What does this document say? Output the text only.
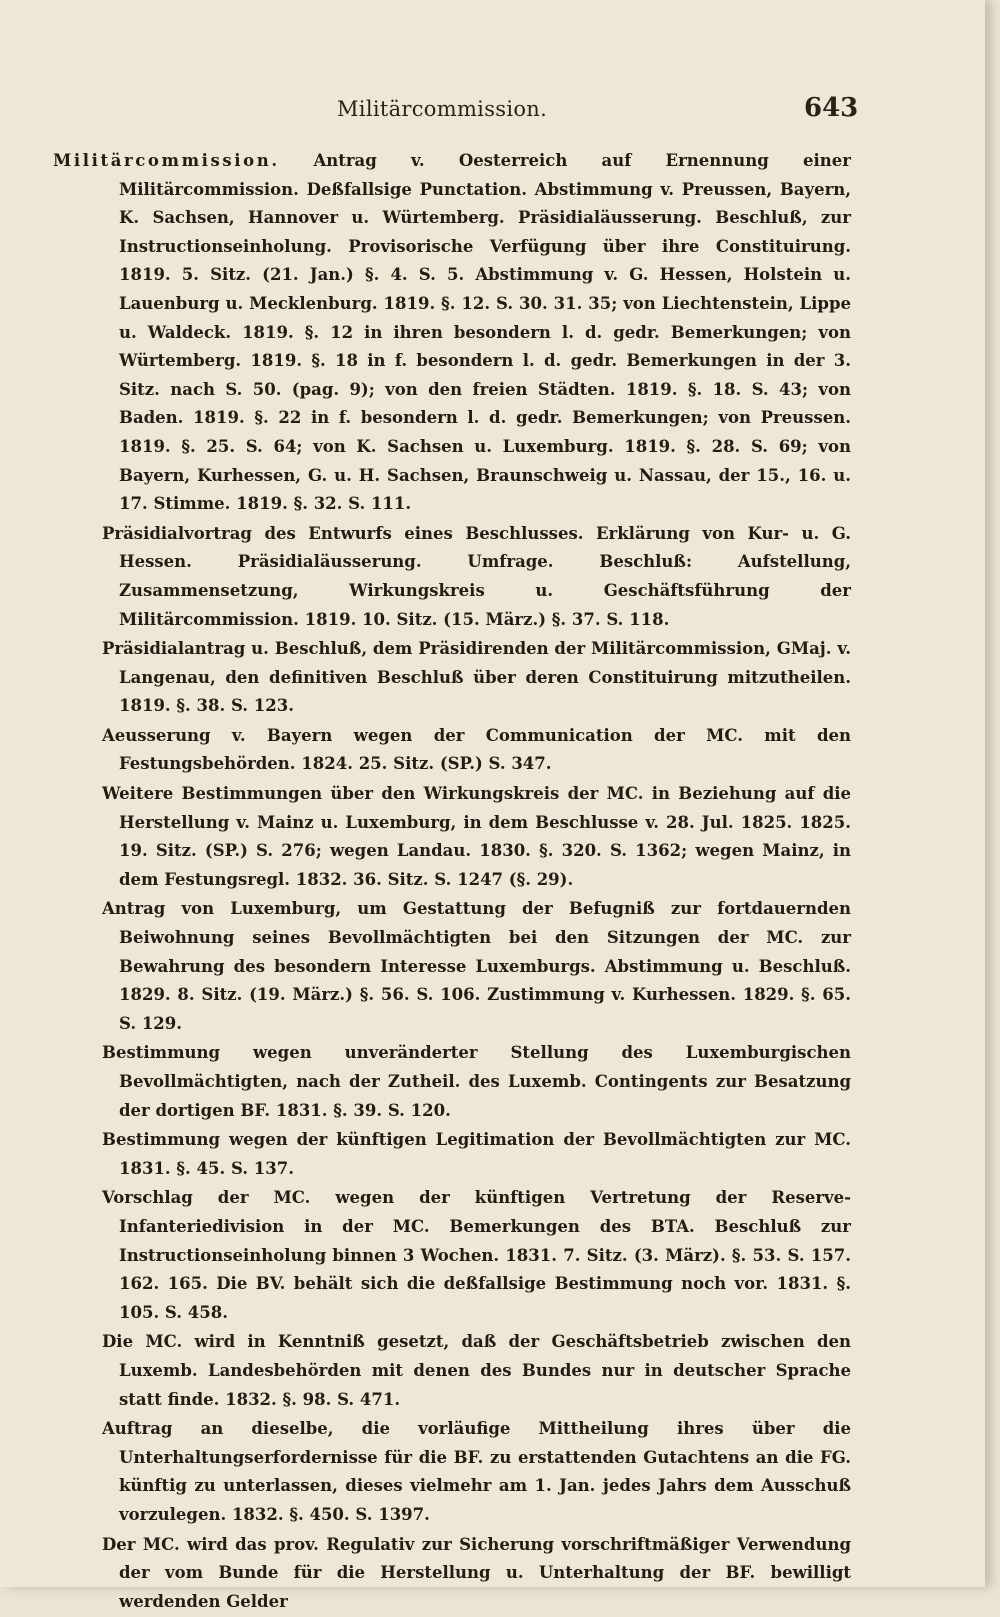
Militärcommission.	643

Militärcommission. Antrag v. Oesterreich auf Ernennung einer Militärcommission. Deßfallsige Punctation. Abstimmung v. Preussen, Bayern, K. Sachsen, Hannover u. Würtemberg. Präsidialäusserung. Beschluß, zur Instructionseinholung. Provisorische Verfügung über ihre Constituirung. 1819. 5. Sitz. (21. Jan.) §. 4. S. 5. Abstimmung v. G. Hessen, Holstein u. Lauenburg u. Mecklenburg. 1819. §. 12. S. 30. 31. 35; von Liechtenstein, Lippe u. Waldeck. 1819. §. 12 in ihren besondern l. d. gedr. Bemerkungen; von Würtemberg. 1819. §. 18 in f. besondern l. d. gedr. Bemerkungen in der 3. Sitz. nach S. 50. (pag. 9); von den freien Städten. 1819. §. 18. S. 43; von Baden. 1819. §. 22 in f. besondern l. d. gedr. Bemerkungen; von Preussen. 1819. §. 25. S. 64; von K. Sachsen u. Luxemburg. 1819. §. 28. S. 69; von Bayern, Kurhessen, G. u. H. Sachsen, Braunschweig u. Nassau, der 15., 16. u. 17. Stimme. 1819. §. 32. S. 111.

Präsidialvortrag des Entwurfs eines Beschlusses. Erklärung von Kur- u. G. Hessen. Präsidialäusserung. Umfrage. Beschluß: Aufstellung, Zusammensetzung, Wirkungskreis u. Geschäftsführung der Militärcommission. 1819. 10. Sitz. (15. März.) §. 37. S. 118.

Präsidialantrag u. Beschluß, dem Präsidirenden der Militärcommission, GMaj. v. Langenau, den definitiven Beschluß über deren Constituirung mitzutheilen. 1819. §. 38. S. 123.

Aeusserung v. Bayern wegen der Communication der MC. mit den Festungsbehörden. 1824. 25. Sitz. (SP.) S. 347.

Weitere Bestimmungen über den Wirkungskreis der MC. in Beziehung auf die Herstellung v. Mainz u. Luxemburg, in dem Beschlusse v. 28. Jul. 1825. 1825. 19. Sitz. (SP.) S. 276; wegen Landau. 1830. §. 320. S. 1362; wegen Mainz, in dem Festungsregl. 1832. 36. Sitz. S. 1247 (§. 29).

Antrag von Luxemburg, um Gestattung der Befugniß zur fortdauernden Beiwohnung seines Bevollmächtigten bei den Sitzungen der MC. zur Bewahrung des besondern Interesse Luxemburgs. Abstimmung u. Beschluß. 1829. 8. Sitz. (19. März.) §. 56. S. 106. Zustimmung v. Kurhessen. 1829. §. 65. S. 129.

Bestimmung wegen unveränderter Stellung des Luxemburgischen Bevollmächtigten, nach der Zutheil. des Luxemb. Contingents zur Besatzung der dortigen BF. 1831. §. 39. S. 120.

Bestimmung wegen der künftigen Legitimation der Bevollmächtigten zur MC. 1831. §. 45. S. 137.

Vorschlag der MC. wegen der künftigen Vertretung der Reserve-Infanteriedivision in der MC. Bemerkungen des BTA. Beschluß zur Instructionseinholung binnen 3 Wochen. 1831. 7. Sitz. (3. März). §. 53. S. 157. 162. 165. Die BV. behält sich die deßfallsige Bestimmung noch vor. 1831. §. 105. S. 458.

Die MC. wird in Kenntniß gesetzt, daß der Geschäftsbetrieb zwischen den Luxemb. Landesbehörden mit denen des Bundes nur in deutscher Sprache statt finde. 1832. §. 98. S. 471.

Auftrag an dieselbe, die vorläufige Mittheilung ihres über die Unterhaltungserfordernisse für die BF. zu erstattenden Gutachtens an die FG. künftig zu unterlassen, dieses vielmehr am 1. Jan. jedes Jahrs dem Ausschuß vorzulegen. 1832. §. 450. S. 1397.

Der MC. wird das prov. Regulativ zur Sicherung vorschriftmäßiger Verwendung der vom Bunde für die Herstellung u. Unterhaltung der BF. bewilligt werdenden Gelder
